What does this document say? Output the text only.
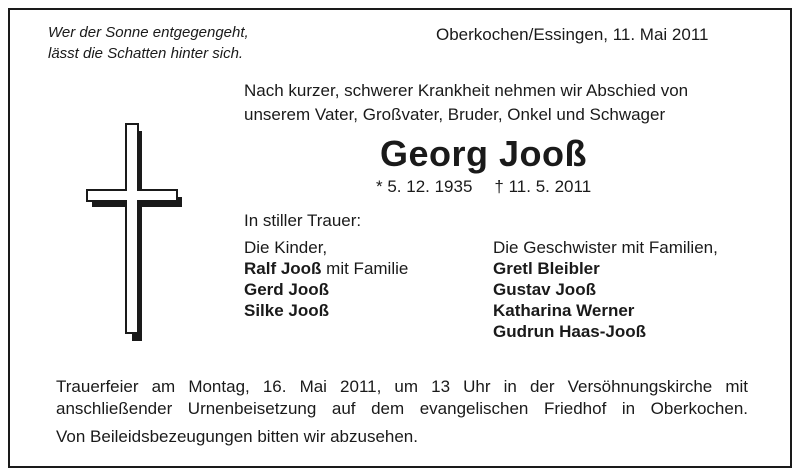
Wer der Sonne entgegengeht,
lässt die Schatten hinter sich.
Oberkochen/Essingen, 11. Mai 2011
Nach kurzer, schwerer Krankheit nehmen wir Abschied von
unserem Vater, Großvater, Bruder, Onkel und Schwager
Georg Jooß
* 5. 12. 1935 † 11. 5. 2011
In stiller Trauer:
Die Kinder,
Ralf Jooß mit Familie
Gerd Jooß
Silke Jooß
Die Geschwister mit Familien,
Gretl Bleibler
Gustav Jooß
Katharina Werner
Gudrun Haas-Jooß
Trauerfeier am Montag, 16. Mai 2011, um 13 Uhr in der Versöhnungskirche mit
anschließender Urnenbeisetzung auf dem evangelischen Friedhof in Oberkochen.
Von Beileidsbezeugungen bitten wir abzusehen.
